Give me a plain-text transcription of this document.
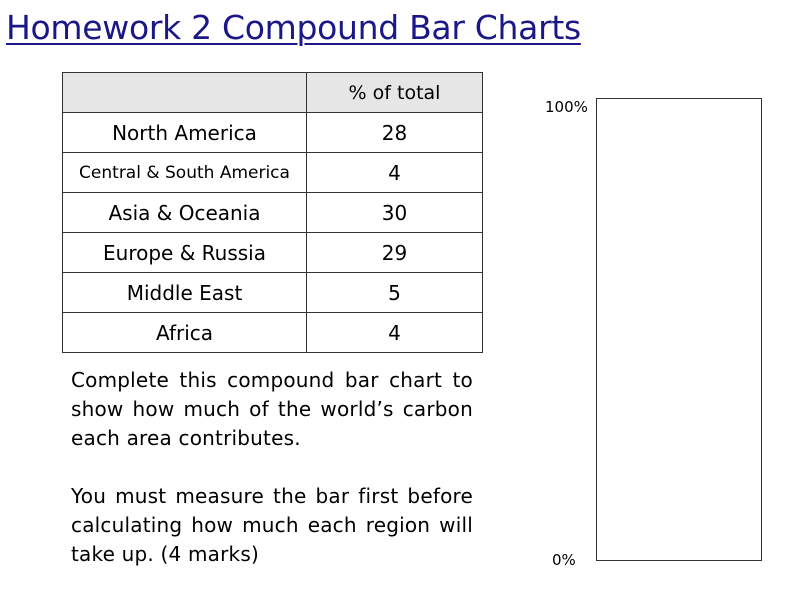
Homework 2 Compound Bar Charts
	% of total
North America	28
Central & South America	4
Asia & Oceania	30
Europe & Russia	29
Middle East	5
Africa	4

Complete this compound bar chart to show how much of the world’s carbon each area contributes.

You must measure the bar first before calculating how much each region will take up. (4 marks)

100%
0%
